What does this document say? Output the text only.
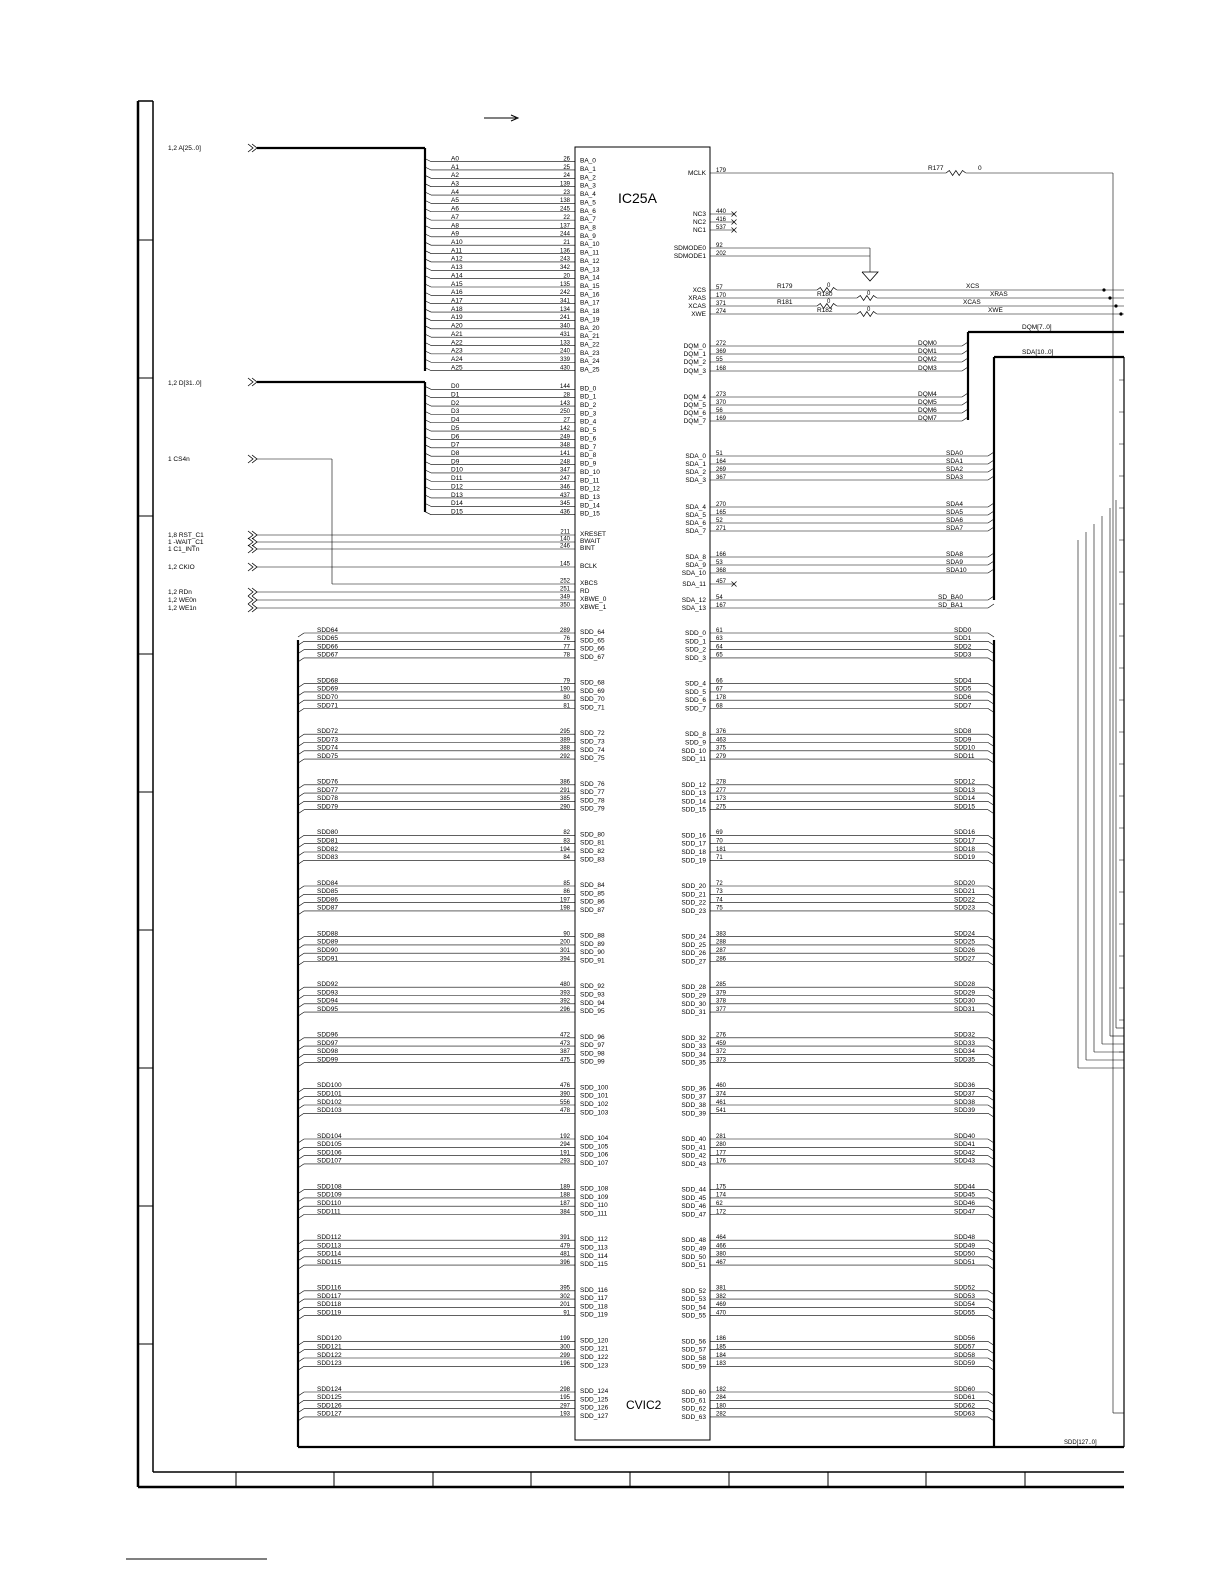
IC25A
CVIC2
1,2 A[25..0]
1,2 D[31..0]
DQM[7..0]
SDA[10..0]
SDD[127..0]
A0	26 BA_0
A1	25 BA_1
A2	24 BA_2
A3	139 BA_3
A4	23 BA_4
A5	138 BA_5
A6	245 BA_6
A7	22 BA_7
A8	137 BA_8
A9	244 BA_9
A10	21 BA_10
A11	136 BA_11
A12	243 BA_12
A13	342 BA_13
A14	20 BA_14
A15	135 BA_15
A16	242 BA_16
A17	341 BA_17
A18	134 BA_18
A19	241 BA_19
A20	340 BA_20
A21	431 BA_21
A22	133 BA_22
A23	240 BA_23
A24	339 BA_24
A25	430 BA_25
D0	144 BD_0
D1	28 BD_1
D2	143 BD_2
D3	250 BD_3
D4	27 BD_4
D5	142 BD_5
D6	249 BD_6
D7	348 BD_7
D8	141 BD_8
D9	248 BD_9
D10	347 BD_10
D11	247 BD_11
D12	346 BD_12
D13	437 BD_13
D14	345 BD_14
D15	436 BD_15
1 CS4n
252 XBCS
1,8 RST_C1	211 XRESET
1 -WAIT_C1	140 BWAIT
1 C1_INTn	246 BINT
1,2 CKIO	145 BCLK
1,2 RDn	251 RD
1,2 WE0n	349 XBWE_0
1,2 WE1n	350 XBWE_1
MCLK 179
NC3 440
NC2 416
NC1 537
SDMODE0 92
SDMODE1 202
XCS 57
XRAS 170
XCAS 371
XWE 274
SDA_11 457
SDA_12 54
SDA_13 167
R177	0
R179	0
R180	0
R181	0
R182	0
XCS
XRAS
XCAS
XWE
DQM_0 272	DQM0
DQM_1 369	DQM1
DQM_2 55	DQM2
DQM_3 168	DQM3
DQM_4 273	DQM4
DQM_5 370	DQM5
DQM_6 56	DQM6
DQM_7 169	DQM7
SDA_0 51	SDA0
SDA_1 164	SDA1
SDA_2 269	SDA2
SDA_3 367	SDA3
SDA_4 270	SDA4
SDA_5 165	SDA5
SDA_6 52	SDA6
SDA_7 271	SDA7
SDA_8 166	SDA8
SDA_9 53	SDA9
SDA_10 368	SDA10
SD_BA0
SD_BA1
SDD64	289 SDD_64	SDD_0 61	SDD0
SDD65	76 SDD_65	SDD_1 63	SDD1
SDD66	77 SDD_66	SDD_2 64	SDD2
SDD67	78 SDD_67	SDD_3 65	SDD3
SDD68	79 SDD_68	SDD_4 66	SDD4
SDD69	190 SDD_69	SDD_5 67	SDD5
SDD70	80 SDD_70	SDD_6 178	SDD6
SDD71	81 SDD_71	SDD_7 68	SDD7
SDD72	295 SDD_72	SDD_8 376	SDD8
SDD73	389 SDD_73	SDD_9 463	SDD9
SDD74	388 SDD_74	SDD_10 375	SDD10
SDD75	292 SDD_75	SDD_11 279	SDD11
SDD76	386 SDD_76	SDD_12 278	SDD12
SDD77	291 SDD_77	SDD_13 277	SDD13
SDD78	385 SDD_78	SDD_14 173	SDD14
SDD79	290 SDD_79	SDD_15 275	SDD15
SDD80	82 SDD_80	SDD_16 69	SDD16
SDD81	83 SDD_81	SDD_17 70	SDD17
SDD82	194 SDD_82	SDD_18 181	SDD18
SDD83	84 SDD_83	SDD_19 71	SDD19
SDD84	85 SDD_84	SDD_20 72	SDD20
SDD85	86 SDD_85	SDD_21 73	SDD21
SDD86	197 SDD_86	SDD_22 74	SDD22
SDD87	198 SDD_87	SDD_23 75	SDD23
SDD88	90 SDD_88	SDD_24 383	SDD24
SDD89	200 SDD_89	SDD_25 288	SDD25
SDD90	301 SDD_90	SDD_26 287	SDD26
SDD91	394 SDD_91	SDD_27 286	SDD27
SDD92	480 SDD_92	SDD_28 285	SDD28
SDD93	393 SDD_93	SDD_29 379	SDD29
SDD94	392 SDD_94	SDD_30 378	SDD30
SDD95	296 SDD_95	SDD_31 377	SDD31
SDD96	472 SDD_96	SDD_32 276	SDD32
SDD97	473 SDD_97	SDD_33 459	SDD33
SDD98	387 SDD_98	SDD_34 372	SDD34
SDD99	475 SDD_99	SDD_35 373	SDD35
SDD100	476 SDD_100	SDD_36 460	SDD36
SDD101	390 SDD_101	SDD_37 374	SDD37
SDD102	556 SDD_102	SDD_38 461	SDD38
SDD103	478 SDD_103	SDD_39 541	SDD39
SDD104	192 SDD_104	SDD_40 281	SDD40
SDD105	294 SDD_105	SDD_41 280	SDD41
SDD106	191 SDD_106	SDD_42 177	SDD42
SDD107	293 SDD_107	SDD_43 176	SDD43
SDD108	189 SDD_108	SDD_44 175	SDD44
SDD109	188 SDD_109	SDD_45 174	SDD45
SDD110	187 SDD_110	SDD_46 62	SDD46
SDD111	384 SDD_111	SDD_47 172	SDD47
SDD112	391 SDD_112	SDD_48 464	SDD48
SDD113	479 SDD_113	SDD_49 466	SDD49
SDD114	481 SDD_114	SDD_50 380	SDD50
SDD115	396 SDD_115	SDD_51 467	SDD51
SDD116	395 SDD_116	SDD_52 381	SDD52
SDD117	302 SDD_117	SDD_53 382	SDD53
SDD118	201 SDD_118	SDD_54 469	SDD54
SDD119	91 SDD_119	SDD_55 470	SDD55
SDD120	199 SDD_120	SDD_56 186	SDD56
SDD121	300 SDD_121	SDD_57 185	SDD57
SDD122	299 SDD_122	SDD_58 184	SDD58
SDD123	196 SDD_123	SDD_59 183	SDD59
SDD124	298 SDD_124	SDD_60 182	SDD60
SDD125	195 SDD_125	SDD_61 284	SDD61
SDD126	297 SDD_126	SDD_62 180	SDD62
SDD127	193 SDD_127	SDD_63 282	SDD63
